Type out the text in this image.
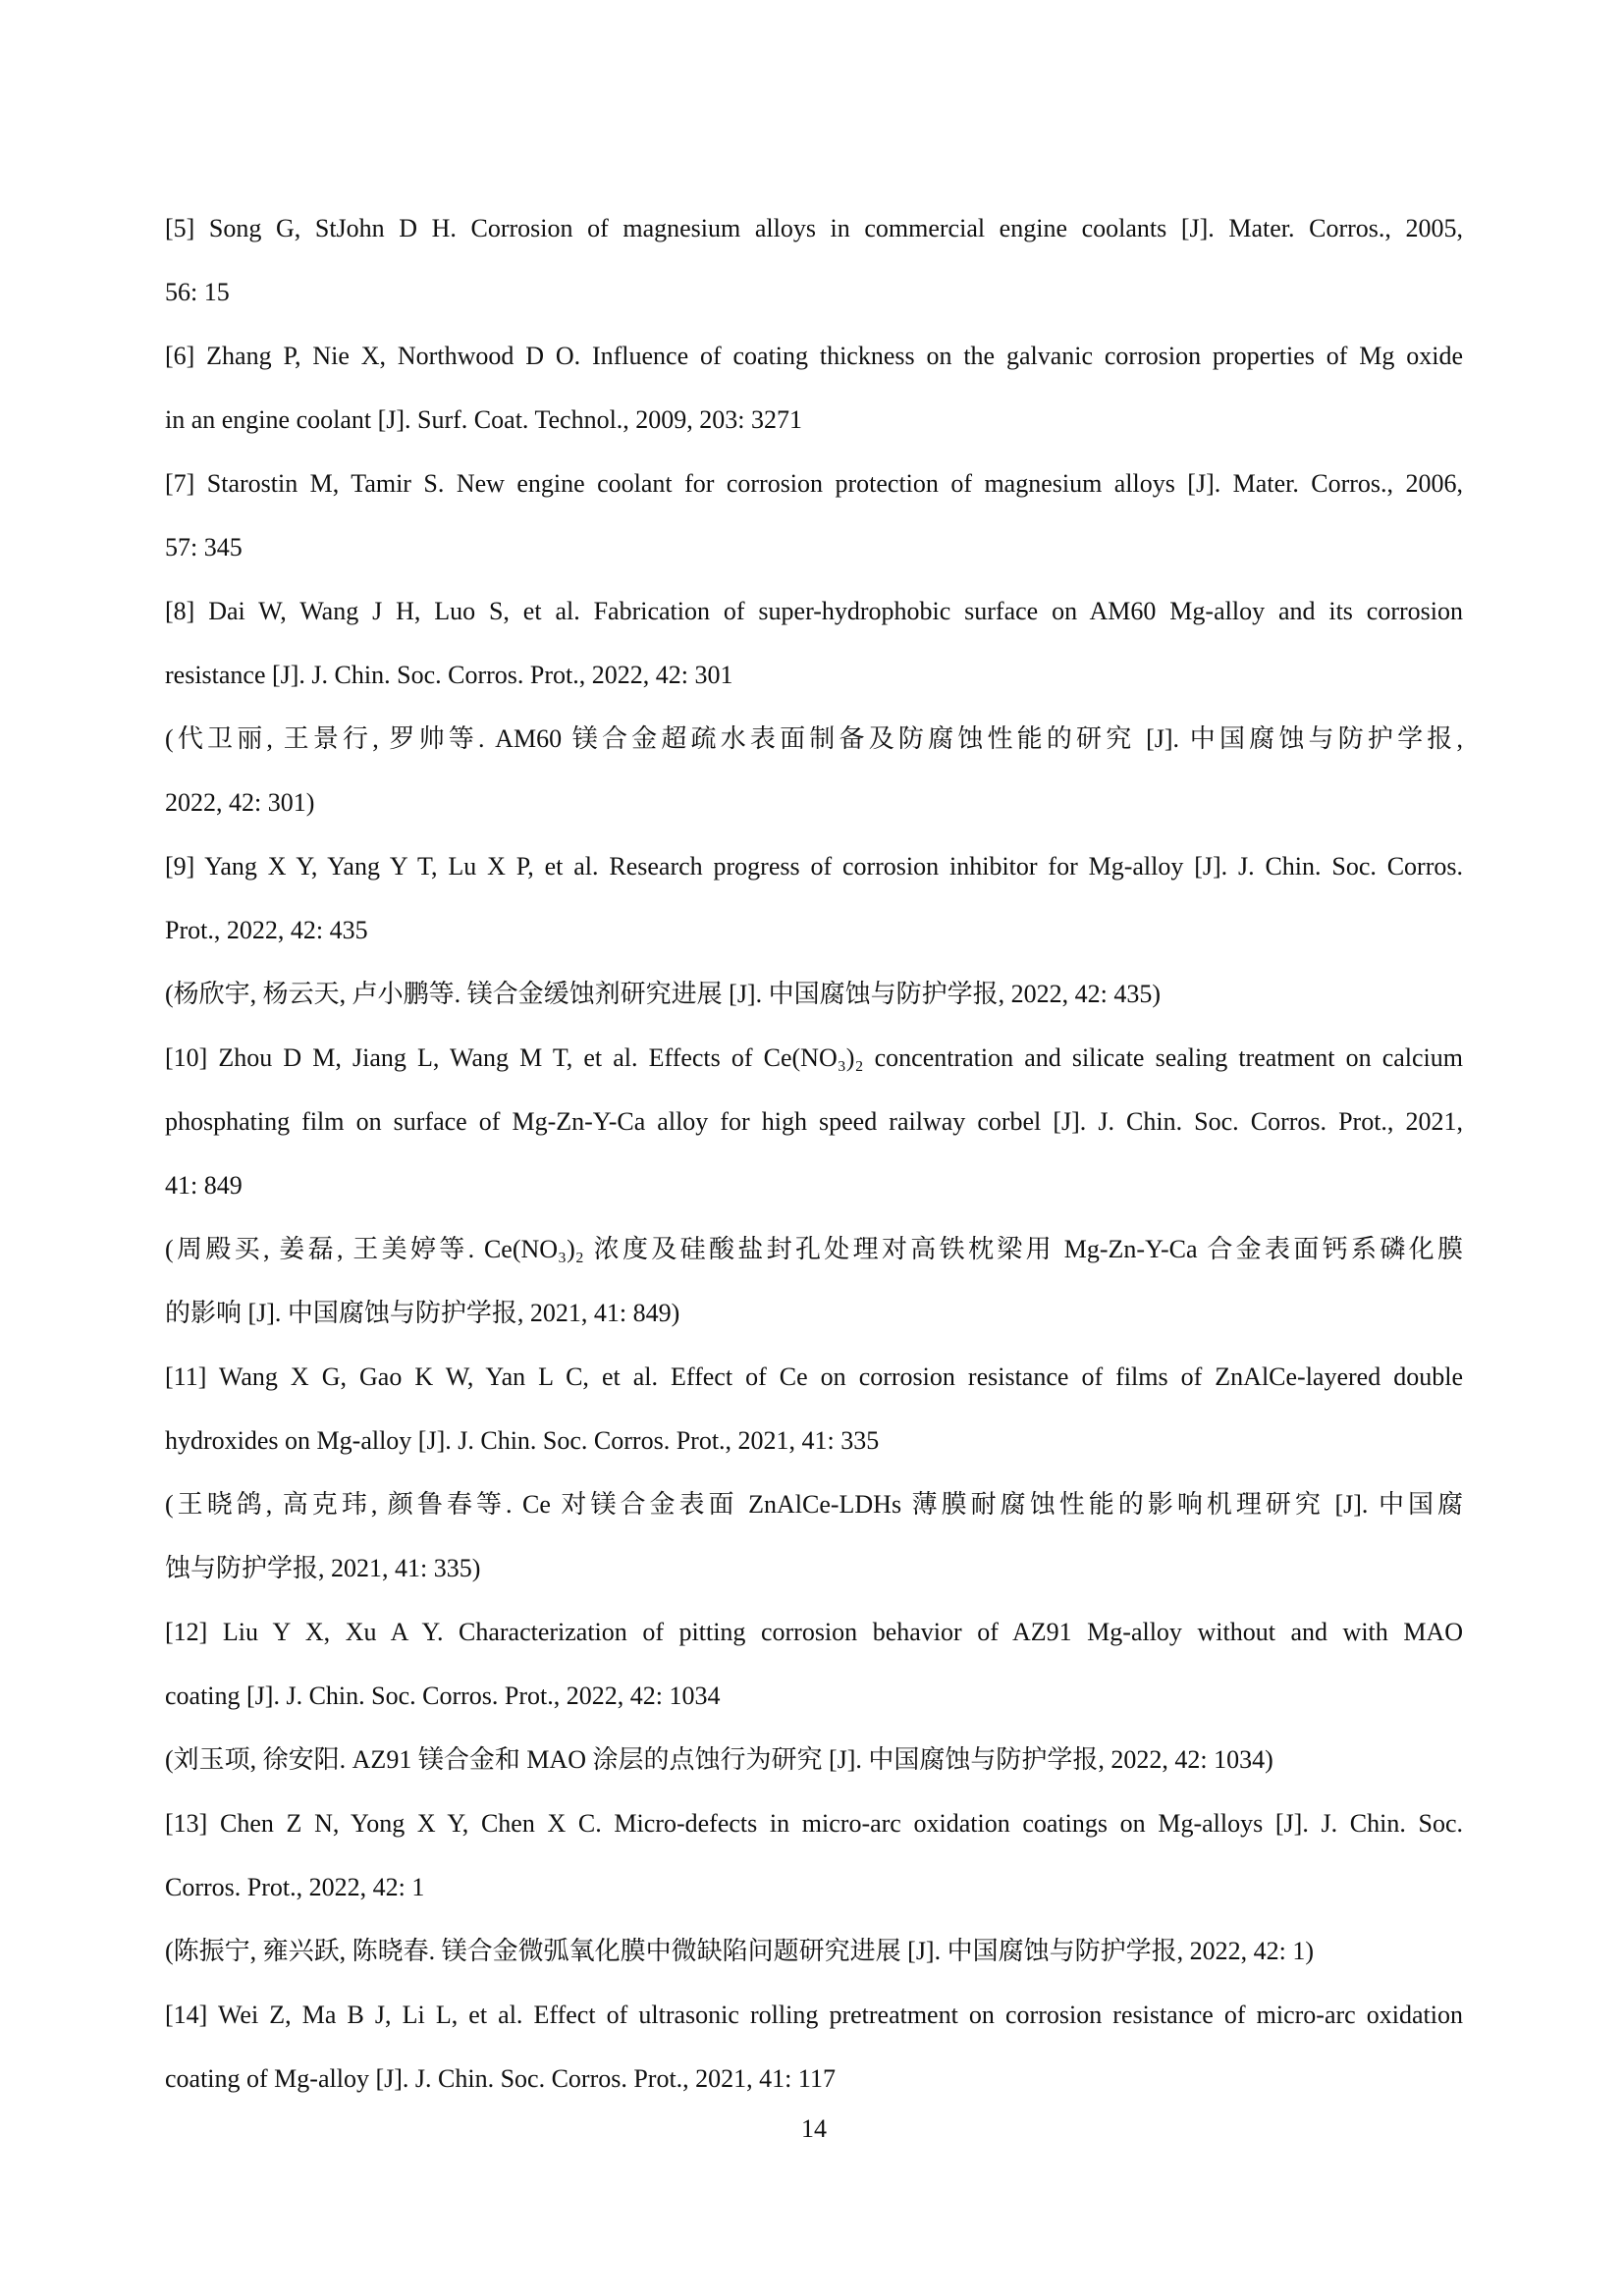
[5] Song G, StJohn D H. Corrosion of magnesium alloys in commercial engine coolants [J]. Mater. Corros., 2005,
56: 15
[6] Zhang P, Nie X, Northwood D O. Influence of coating thickness on the galvanic corrosion properties of Mg oxide
in an engine coolant [J]. Surf. Coat. Technol., 2009, 203: 3271
[7] Starostin M, Tamir S. New engine coolant for corrosion protection of magnesium alloys [J]. Mater. Corros., 2006,
57: 345
[8] Dai W, Wang J H, Luo S, et al. Fabrication of super-hydrophobic surface on AM60 Mg-alloy and its corrosion
resistance [J]. J. Chin. Soc. Corros. Prot., 2022, 42: 301
(代卫丽, 王景行, 罗帅等. AM60 镁合金超疏水表面制备及防腐蚀性能的研究 [J]. 中国腐蚀与防护学报,
2022, 42: 301)
[9] Yang X Y, Yang Y T, Lu X P, et al. Research progress of corrosion inhibitor for Mg-alloy [J]. J. Chin. Soc. Corros.
Prot., 2022, 42: 435
(杨欣宇, 杨云天, 卢小鹏等. 镁合金缓蚀剂研究进展 [J]. 中国腐蚀与防护学报, 2022, 42: 435)
[10] Zhou D M, Jiang L, Wang M T, et al. Effects of Ce(NO₃)₂ concentration and silicate sealing treatment on calcium
phosphating film on surface of Mg-Zn-Y-Ca alloy for high speed railway corbel [J]. J. Chin. Soc. Corros. Prot., 2021,
41: 849
(周殿买, 姜磊, 王美婷等. Ce(NO₃)₂ 浓度及硅酸盐封孔处理对高铁枕梁用 Mg-Zn-Y-Ca 合金表面钙系磷化膜
的影响 [J]. 中国腐蚀与防护学报, 2021, 41: 849)
[11] Wang X G, Gao K W, Yan L C, et al. Effect of Ce on corrosion resistance of films of ZnAlCe-layered double
hydroxides on Mg-alloy [J]. J. Chin. Soc. Corros. Prot., 2021, 41: 335
(王晓鸽, 高克玮, 颜鲁春等. Ce 对镁合金表面 ZnAlCe-LDHs 薄膜耐腐蚀性能的影响机理研究 [J]. 中国腐
蚀与防护学报, 2021, 41: 335)
[12] Liu Y X, Xu A Y. Characterization of pitting corrosion behavior of AZ91 Mg-alloy without and with MAO
coating [J]. J. Chin. Soc. Corros. Prot., 2022, 42: 1034
(刘玉项, 徐安阳. AZ91 镁合金和 MAO 涂层的点蚀行为研究 [J]. 中国腐蚀与防护学报, 2022, 42: 1034)
[13] Chen Z N, Yong X Y, Chen X C. Micro-defects in micro-arc oxidation coatings on Mg-alloys [J]. J. Chin. Soc.
Corros. Prot., 2022, 42: 1
(陈振宁, 雍兴跃, 陈晓春. 镁合金微弧氧化膜中微缺陷问题研究进展 [J]. 中国腐蚀与防护学报, 2022, 42: 1)
[14] Wei Z, Ma B J, Li L, et al. Effect of ultrasonic rolling pretreatment on corrosion resistance of micro-arc oxidation
coating of Mg-alloy [J]. J. Chin. Soc. Corros. Prot., 2021, 41: 117
14
